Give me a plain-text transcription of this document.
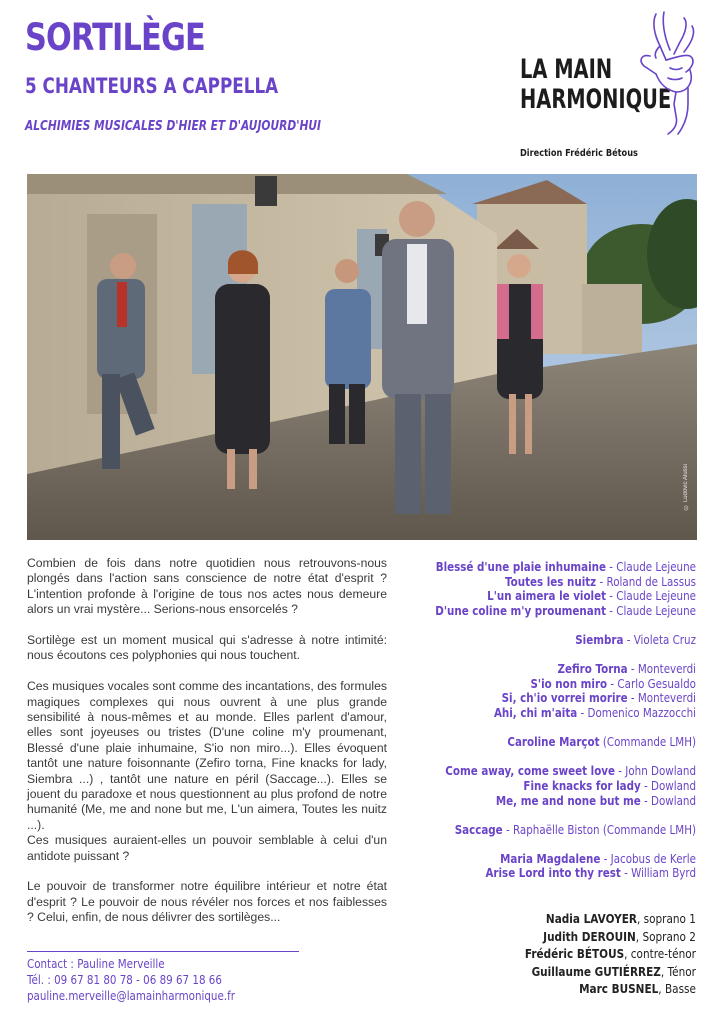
SORTILÈGE
5 CHANTEURS A CAPPELLA
ALCHIMIES MUSICALES D'HIER ET D'AUJOURD'HUI
LA MAIN
HARMONIQUE
Direction Frédéric Bétous
© Ludovic Alussi

Combien de fois dans notre quotidien nous retrouvons-nous plongés dans l'action sans conscience de notre état d'esprit ? L'intention profonde à l'origine de tous nos actes nous demeure alors un vrai mystère... Serions-nous ensorcelés ?

Sortilège est un moment musical qui s'adresse à notre intimité: nous écoutons ces polyphonies qui nous touchent.

Ces musiques vocales sont comme des incantations, des formules magiques complexes qui nous ouvrent à une plus grande sensibilité à nous-mêmes et au monde. Elles parlent d'amour, elles sont joyeuses ou tristes (D'une coline m'y proumenant, Blessé d'une plaie inhumaine, S'io non miro...). Elles évoquent tantôt une nature foisonnante (Zefiro torna, Fine knacks for lady, Siembra ...) , tantôt une nature en péril (Saccage...). Elles se jouent du paradoxe et nous questionnent au plus profond de notre humanité (Me, me and none but me, L'un aimera, Toutes les nuitz ...).

Ces musiques auraient-elles un pouvoir semblable à celui d'un antidote puissant ?

Le pouvoir de transformer notre équilibre intérieur et notre état d'esprit ? Le pouvoir de nous révéler nos forces et nos faiblesses ? Celui, enfin, de nous délivrer des sortilèges...

Contact : Pauline Merveille
Tél. : 09 67 81 80 78 - 06 89 67 18 66
pauline.merveille@lamainharmonique.fr
Blessé d'une plaie inhumaine - Claude Lejeune
Toutes les nuitz - Roland de Lassus
L'un aimera le violet - Claude Lejeune
D'une coline m'y proumenant - Claude Lejeune
Siembra - Violeta Cruz
Zefiro Torna - Monteverdi
S'io non miro - Carlo Gesualdo
Si, ch'io vorrei morire - Monteverdi
Ahi, chi m'aita - Domenico Mazzocchi
Caroline Marçot (Commande LMH)
Come away, come sweet love - John Dowland
Fine knacks for lady - Dowland
Me, me and none but me - Dowland
Saccage - Raphaëlle Biston (Commande LMH)
Maria Magdalene - Jacobus de Kerle
Arise Lord into thy rest - William Byrd
Nadia LAVOYER, soprano 1
Judith DEROUIN, Soprano 2
Frédéric BÉTOUS, contre-ténor
Guillaume GUTIÉRREZ, Ténor
Marc BUSNEL, Basse
